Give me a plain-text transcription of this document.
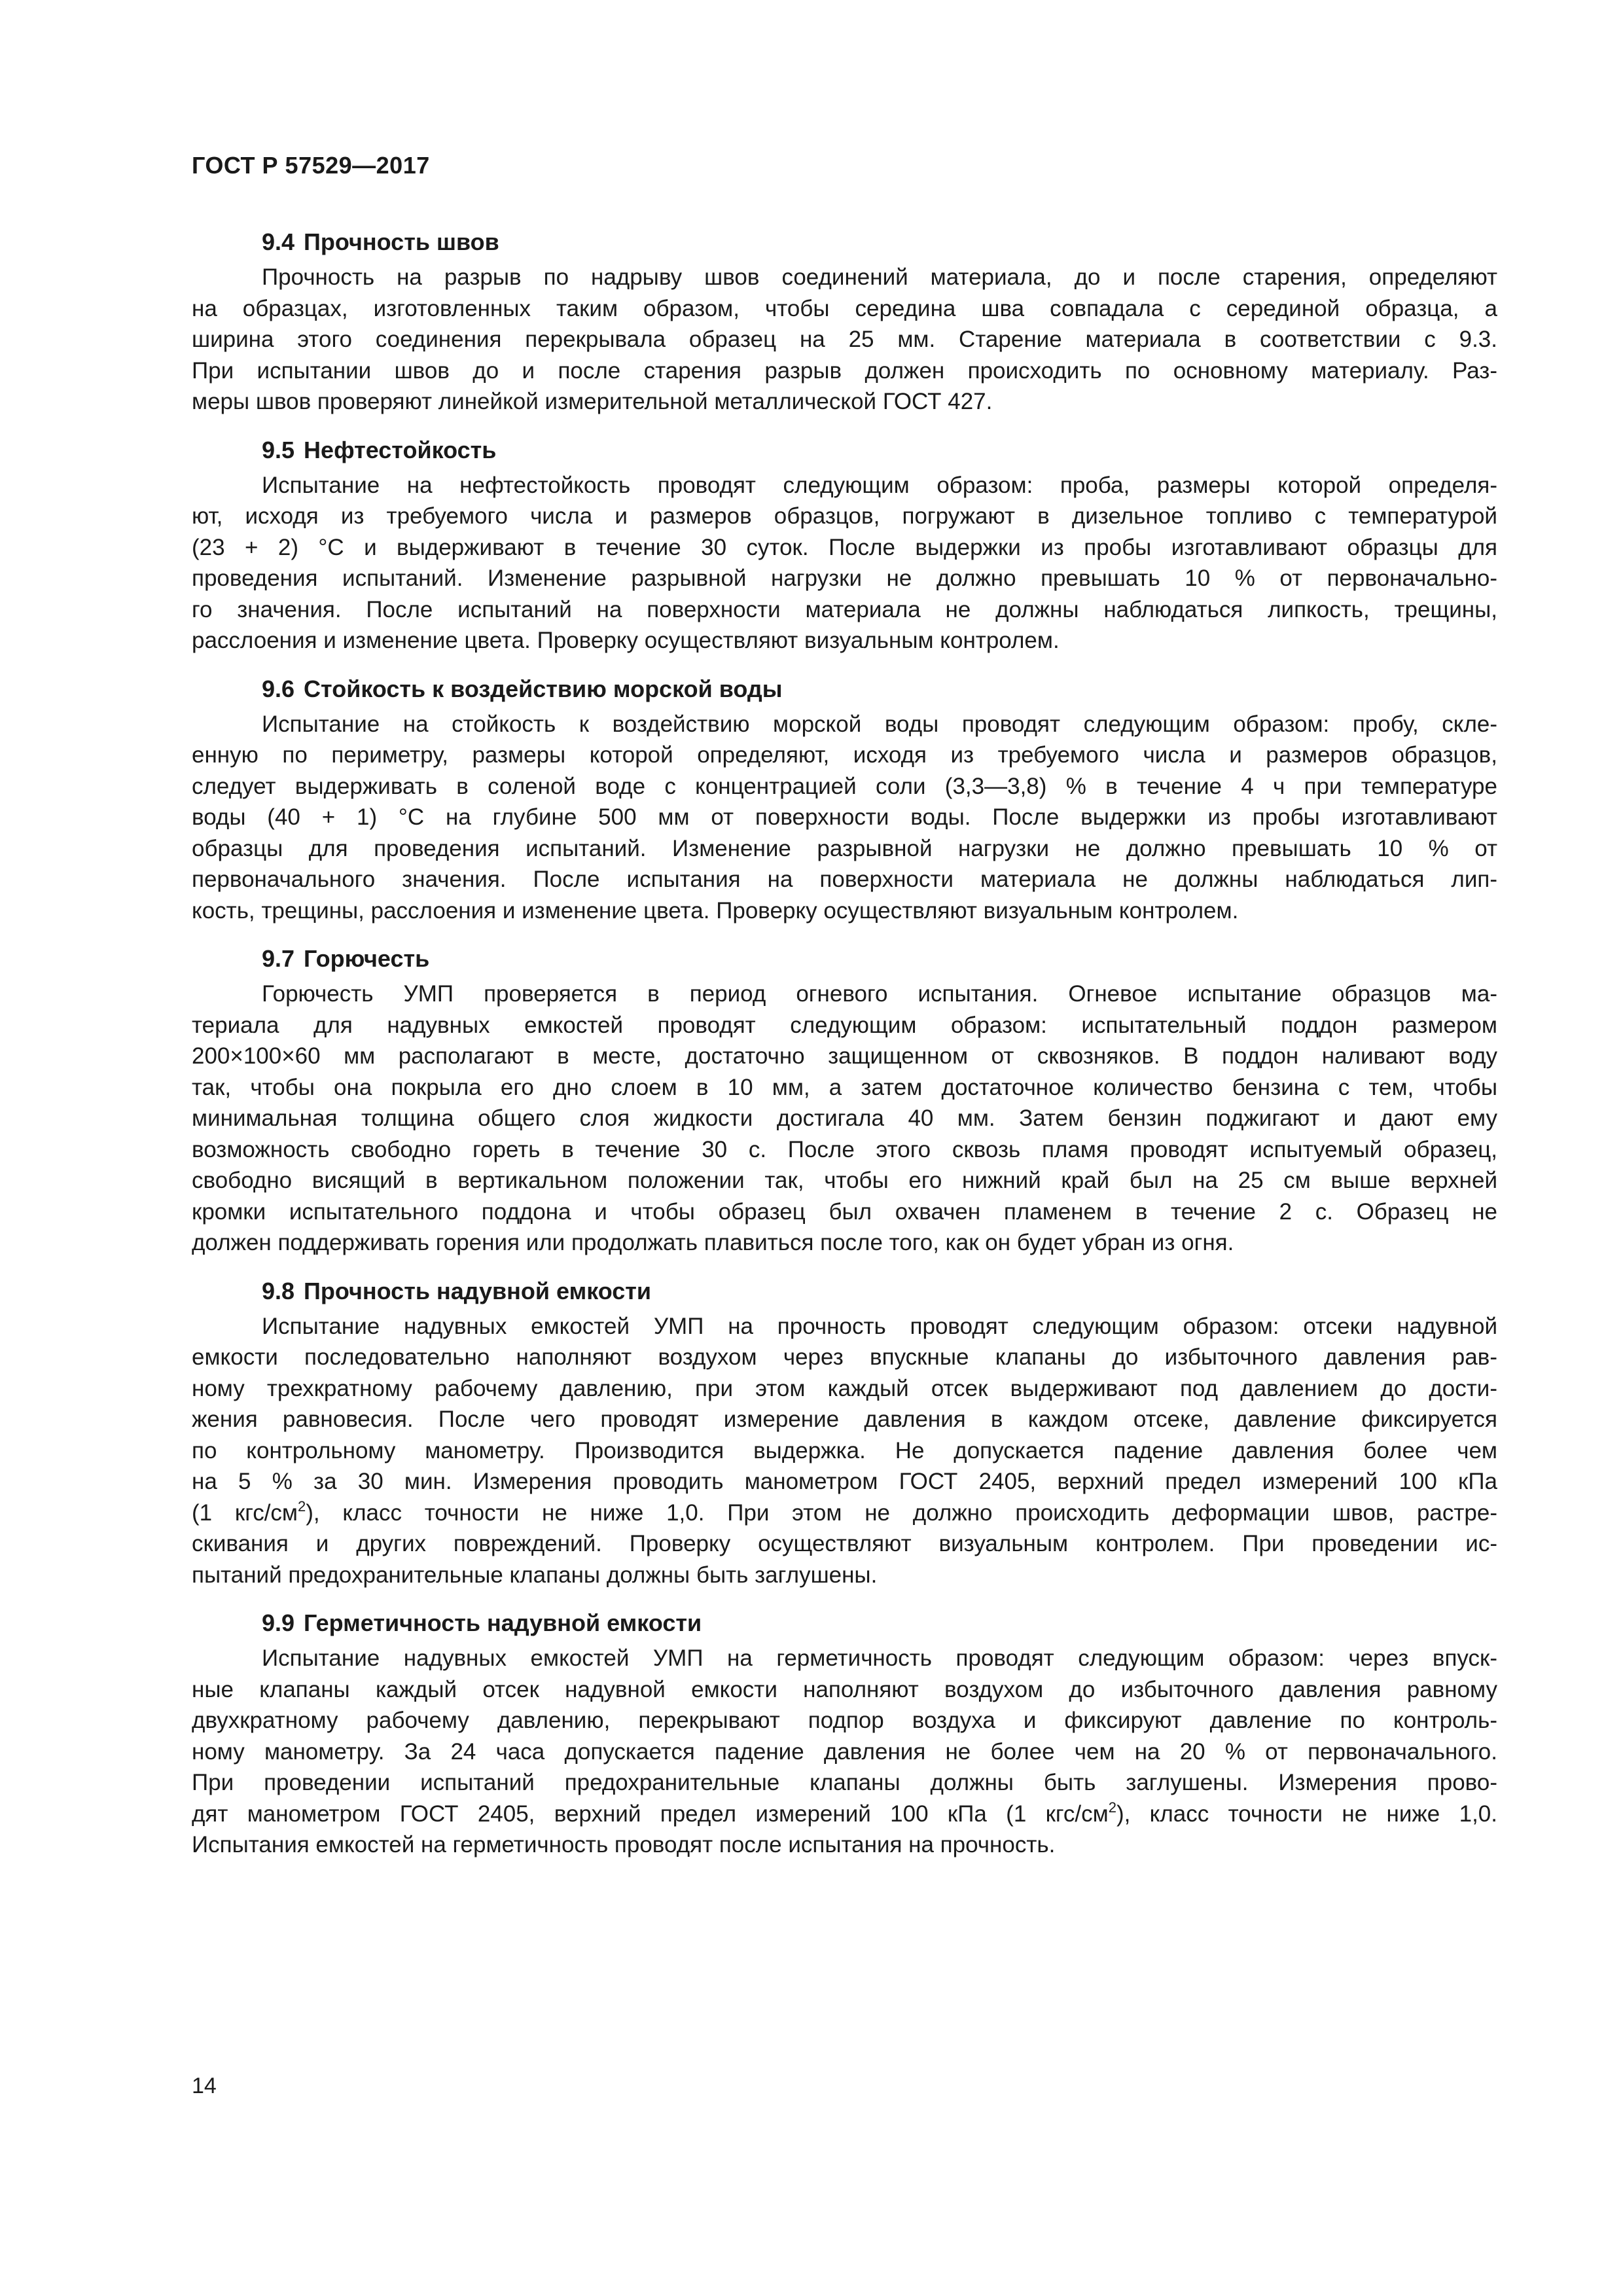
ГОСТ Р 57529—2017
9.4 Прочность швов
Прочность на разрыв по надрыву швов соединений материала, до и после старения, определяют
на образцах, изготовленных таким образом, чтобы середина шва совпадала с серединой образца, а
ширина этого соединения перекрывала образец на 25 мм. Старение материала в соответствии с 9.3.
При испытании швов до и после старения разрыв должен происходить по основному материалу. Раз-
меры швов проверяют линейкой измерительной металлической ГОСТ 427.
9.5 Нефтестойкость
Испытание на нефтестойкость проводят следующим образом: проба, размеры которой определя-
ют, исходя из требуемого числа и размеров образцов, погружают в дизельное топливо с температурой
(23 + 2) °С и выдерживают в течение 30 суток. После выдержки из пробы изготавливают образцы для
проведения испытаний. Изменение разрывной нагрузки не должно превышать 10 % от первоначально-
го значения. После испытаний на поверхности материала не должны наблюдаться липкость, трещины,
расслоения и изменение цвета. Проверку осуществляют визуальным контролем.
9.6 Стойкость к воздействию морской воды
Испытание на стойкость к воздействию морской воды проводят следующим образом: пробу, скле-
енную по периметру, размеры которой определяют, исходя из требуемого числа и размеров образцов,
следует выдерживать в соленой воде с концентрацией соли (3,3—3,8) % в течение 4 ч при температуре
воды (40 + 1) °С на глубине 500 мм от поверхности воды. После выдержки из пробы изготавливают
образцы для проведения испытаний. Изменение разрывной нагрузки не должно превышать 10 % от
первоначального значения. После испытания на поверхности материала не должны наблюдаться лип-
кость, трещины, расслоения и изменение цвета. Проверку осуществляют визуальным контролем.
9.7 Горючесть
Горючесть УМП проверяется в период огневого испытания. Огневое испытание образцов ма-
териала для надувных емкостей проводят следующим образом: испытательный поддон размером
200×100×60 мм располагают в месте, достаточно защищенном от сквозняков. В поддон наливают воду
так, чтобы она покрыла его дно слоем в 10 мм, а затем достаточное количество бензина с тем, чтобы
минимальная толщина общего слоя жидкости достигала 40 мм. Затем бензин поджигают и дают ему
возможность свободно гореть в течение 30 с. После этого сквозь пламя проводят испытуемый образец,
свободно висящий в вертикальном положении так, чтобы его нижний край был на 25 см выше верхней
кромки испытательного поддона и чтобы образец был охвачен пламенем в течение 2 с. Образец не
должен поддерживать горения или продолжать плавиться после того, как он будет убран из огня.
9.8 Прочность надувной емкости
Испытание надувных емкостей УМП на прочность проводят следующим образом: отсеки надувной
емкости последовательно наполняют воздухом через впускные клапаны до избыточного давления рав-
ному трехкратному рабочему давлению, при этом каждый отсек выдерживают под давлением до дости-
жения равновесия. После чего проводят измерение давления в каждом отсеке, давление фиксируется
по контрольному манометру. Производится выдержка. Не допускается падение давления более чем
на 5 % за 30 мин. Измерения проводить манометром ГОСТ 2405, верхний предел измерений 100 кПа
(1 кгс/$см^2$), класс точности не ниже 1,0. При этом не должно происходить деформации швов, растре-
скивания и других повреждений. Проверку осуществляют визуальным контролем. При проведении ис-
пытаний предохранительные клапаны должны быть заглушены.
9.9 Герметичность надувной емкости
Испытание надувных емкостей УМП на герметичность проводят следующим образом: через впуск-
ные клапаны каждый отсек надувной емкости наполняют воздухом до избыточного давления равному
двухкратному рабочему давлению, перекрывают подпор воздуха и фиксируют давление по контроль-
ному манометру. За 24 часа допускается падение давления не более чем на 20 % от первоначального.
При проведении испытаний предохранительные клапаны должны быть заглушены. Измерения прово-
дят манометром ГОСТ 2405, верхний предел измерений 100 кПа (1 кгс/$см^2$), класс точности не ниже 1,0.
Испытания емкостей на герметичность проводят после испытания на прочность.
14
